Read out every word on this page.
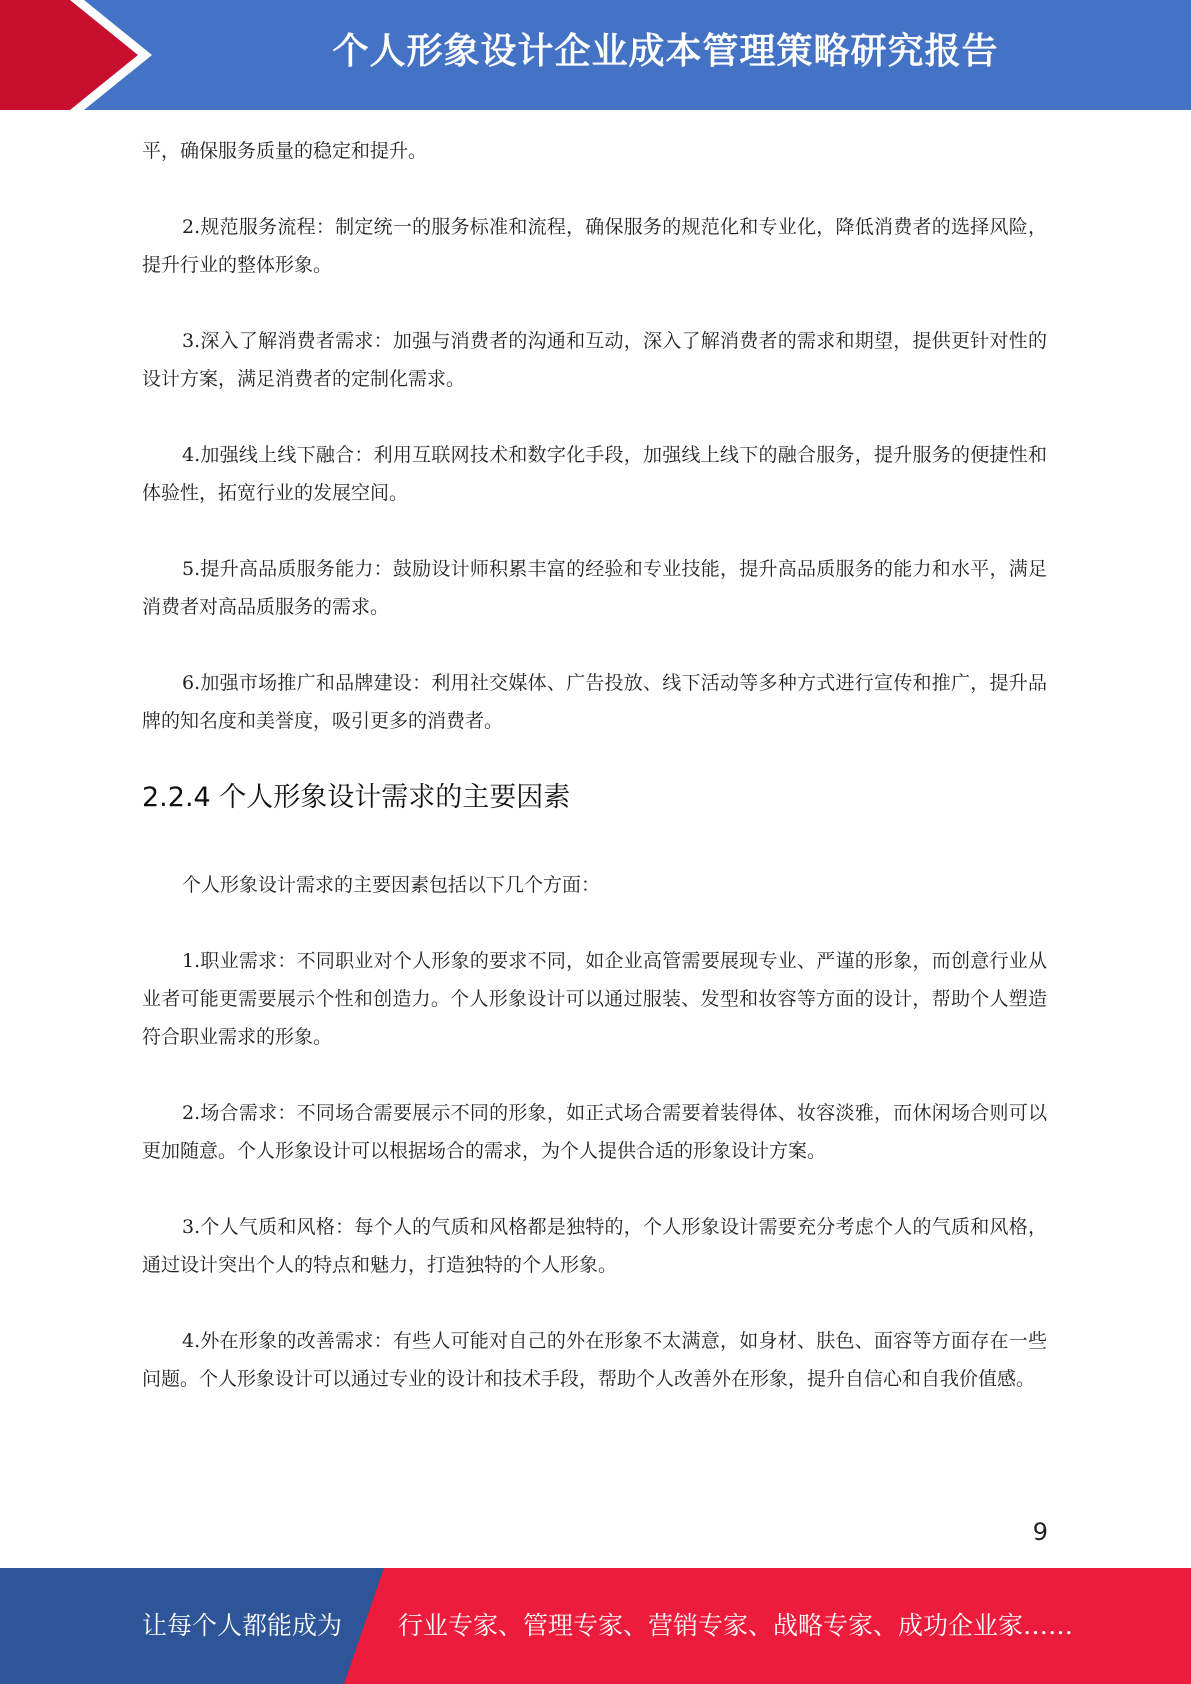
个人形象设计企业成本管理策略研究报告

平，确保服务质量的稳定和提升。

2.规范服务流程：制定统一的服务标准和流程，确保服务的规范化和专业化，降低消费者的选择风险，提升行业的整体形象。

3.深入了解消费者需求：加强与消费者的沟通和互动，深入了解消费者的需求和期望，提供更针对性的设计方案，满足消费者的定制化需求。

4.加强线上线下融合：利用互联网技术和数字化手段，加强线上线下的融合服务，提升服务的便捷性和体验性，拓宽行业的发展空间。

5.提升高品质服务能力：鼓励设计师积累丰富的经验和专业技能，提升高品质服务的能力和水平，满足消费者对高品质服务的需求。

6.加强市场推广和品牌建设：利用社交媒体、广告投放、线下活动等多种方式进行宣传和推广，提升品牌的知名度和美誉度，吸引更多的消费者。

2.2.4 个人形象设计需求的主要因素

个人形象设计需求的主要因素包括以下几个方面：

1.职业需求：不同职业对个人形象的要求不同，如企业高管需要展现专业、严谨的形象，而创意行业从业者可能更需要展示个性和创造力。个人形象设计可以通过服装、发型和妆容等方面的设计，帮助个人塑造符合职业需求的形象。

2.场合需求：不同场合需要展示不同的形象，如正式场合需要着装得体、妆容淡雅，而休闲场合则可以更加随意。个人形象设计可以根据场合的需求，为个人提供合适的形象设计方案。

3.个人气质和风格：每个人的气质和风格都是独特的，个人形象设计需要充分考虑个人的气质和风格，通过设计突出个人的特点和魅力，打造独特的个人形象。

4.外在形象的改善需求：有些人可能对自己的外在形象不太满意，如身材、肤色、面容等方面存在一些问题。个人形象设计可以通过专业的设计和技术手段，帮助个人改善外在形象，提升自信心和自我价值感。

9
让每个人都能成为 行业专家、管理专家、营销专家、战略专家、成功企业家……
